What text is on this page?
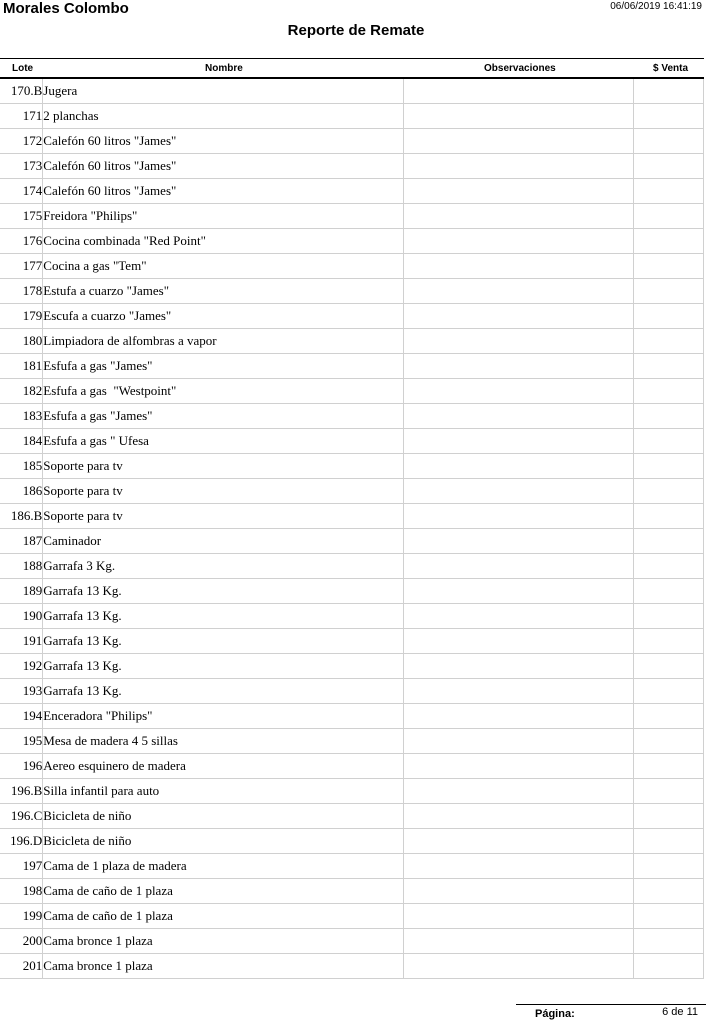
Morales Colombo	06/06/2019 16:41:19
Reporte de Remate
Lote	Nombre	Observaciones	$ Venta
170.B	Jugera		
171	2 planchas		
172	Calefón 60 litros "James"		
173	Calefón 60 litros "James"		
174	Calefón 60 litros "James"		
175	Freidora "Philips"		
176	Cocina combinada "Red Point"		
177	Cocina a gas "Tem"		
178	Estufa a cuarzo "James"		
179	Escufa a cuarzo "James"		
180	Limpiadora de alfombras a vapor		
181	Esfufa a gas "James"		
182	Esfufa a gas  "Westpoint"		
183	Esfufa a gas "James"		
184	Esfufa a gas " Ufesa		
185	Soporte para tv		
186	Soporte para tv		
186.B	Soporte para tv		
187	Caminador		
188	Garrafa 3 Kg.		
189	Garrafa 13 Kg.		
190	Garrafa 13 Kg.		
191	Garrafa 13 Kg.		
192	Garrafa 13 Kg.		
193	Garrafa 13 Kg.		
194	Enceradora "Philips"		
195	Mesa de madera 4 5 sillas		
196	Aereo esquinero de madera		
196.B	Silla infantil para auto		
196.C	Bicicleta de niño		
196.D	Bicicleta de niño		
197	Cama de 1 plaza de madera		
198	Cama de caño de 1 plaza		
199	Cama de caño de 1 plaza		
200	Cama bronce 1 plaza		
201	Cama bronce 1 plaza		
Página:	6 de 11
